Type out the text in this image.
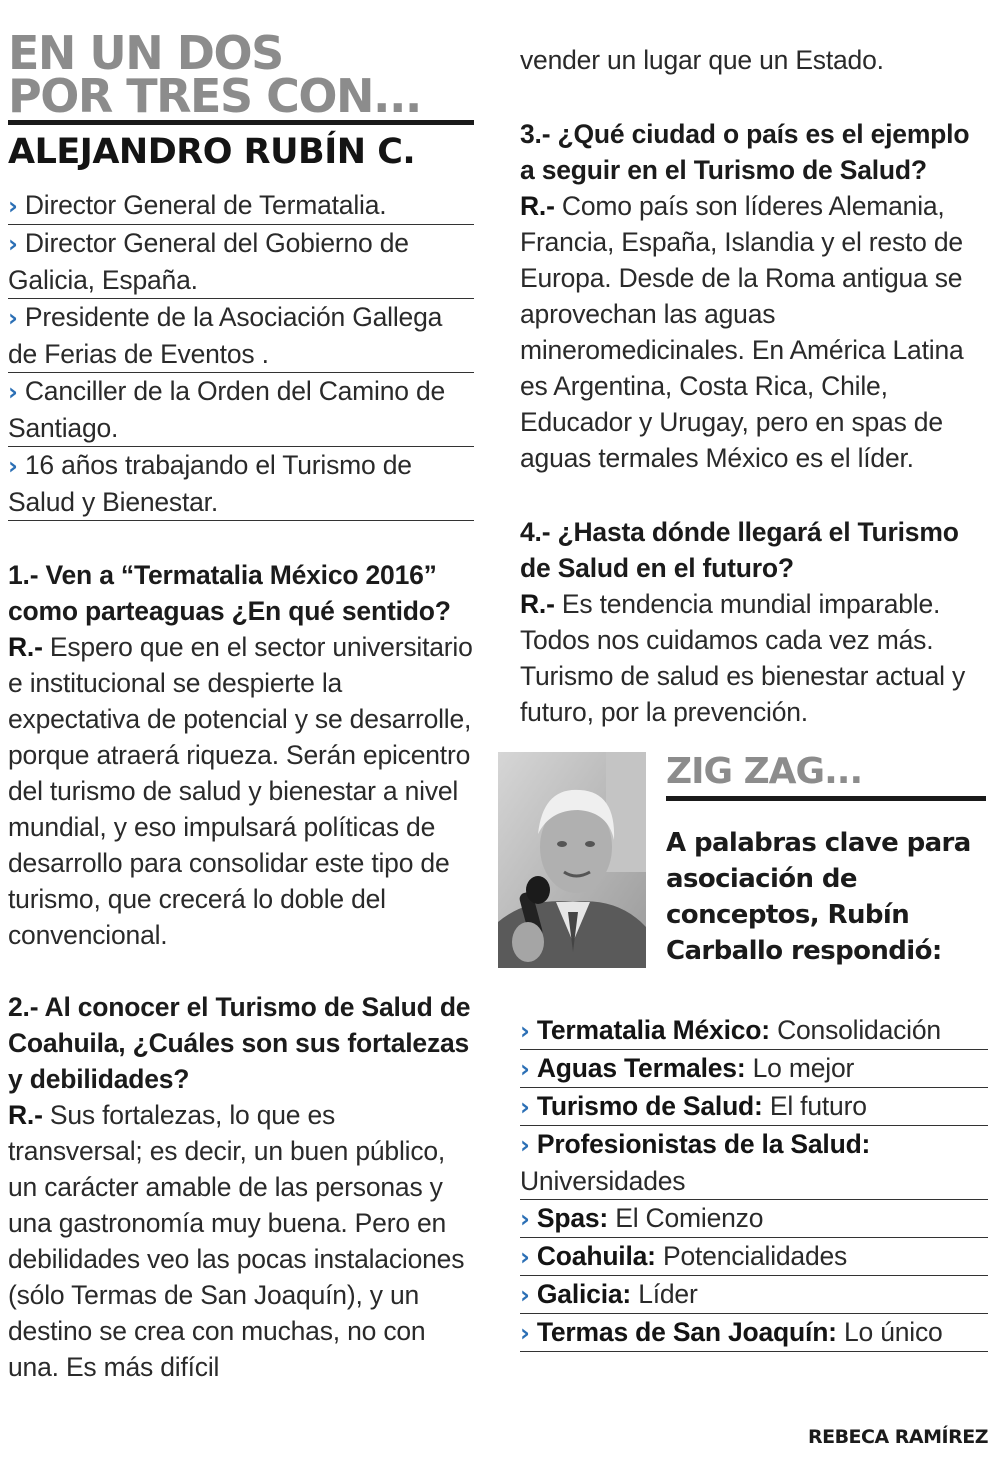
EN UN DOS
POR TRES CON...
ALEJANDRO RUBÍN C.
› Director General de Termatalia.
› Director General del Gobierno de Galicia, España.
› Presidente de la Asociación Gallega de Ferias de Eventos .
› Canciller de la Orden del Camino de Santiago.
› 16 años trabajando el Turismo de Salud y Bienestar.
1.- Ven a “Termatalia México 2016” como parteaguas ¿En qué sentido?
R.- Espero que en el sector universitario e institucional se despierte la expectativa de potencial y se desarrolle, porque atraerá riqueza. Serán epicentro del turismo de salud y bienestar a nivel mundial, y eso impulsará políticas de desarrollo para consolidar este tipo de turismo, que crecerá lo doble del convencional.
2.- Al conocer el Turismo de Salud de Coahuila, ¿Cuáles son sus fortalezas y debilidades?
R.- Sus fortalezas, lo que es transversal; es decir, un buen público, un carácter amable de las personas y una gastronomía muy buena. Pero en debilidades veo las pocas instalaciones (sólo Termas de San Joaquín), y un destino se crea con muchas, no con una. Es más difícil
vender un lugar que un Estado.
3.- ¿Qué ciudad o país es el ejemplo a seguir en el Turismo de Salud?
R.- Como país son líderes Alemania, Francia, España, Islandia y el resto de Europa. Desde de la Roma antigua se aprovechan las aguas mineromedicinales. En América Latina es Argentina, Costa Rica, Chile, Educador y Urugay, pero en spas de aguas termales México es el líder.
4.- ¿Hasta dónde llegará el Turismo de Salud en el futuro?
R.- Es tendencia mundial imparable. Todos nos cuidamos cada vez más. Turismo de salud es bienestar actual y futuro, por la prevención.
ZIG ZAG...
A palabras clave para asociación de conceptos, Rubín Carballo respondió:
› Termatalia México: Consolidación
› Aguas Termales: Lo mejor
› Turismo de Salud: El futuro
› Profesionistas de la Salud:
Universidades
› Spas: El Comienzo
› Coahuila: Potencialidades
› Galicia: Líder
› Termas de San Joaquín: Lo único
REBECA RAMÍREZ
